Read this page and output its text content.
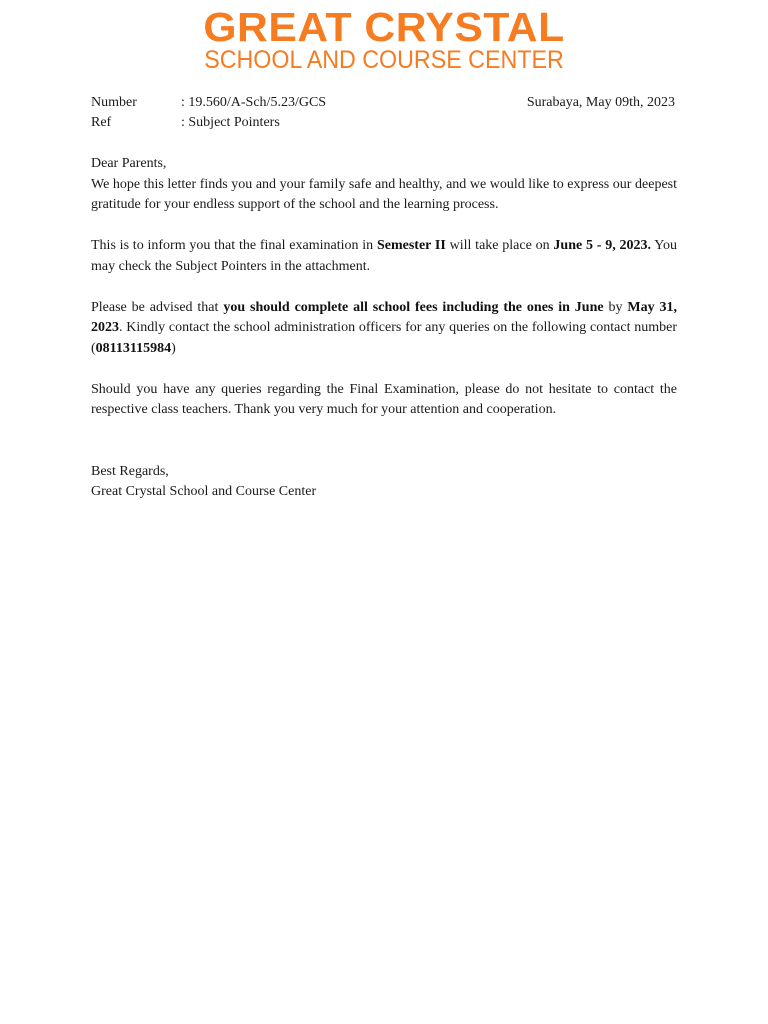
GREAT CRYSTAL
SCHOOL AND COURSE CENTER
Number	: 19.560/A-Sch/5.23/GCS	Surabaya, May 09th, 2023
Ref	: Subject Pointers

Dear Parents,

We hope this letter finds you and your family safe and healthy, and we would like to express our deepest gratitude for your endless support of the school and the learning process.

This is to inform you that the final examination in Semester II will take place on June 5 - 9, 2023. You may check the Subject Pointers in the attachment.

Please be advised that you should complete all school fees including the ones in June by May 31, 2023. Kindly contact the school administration officers for any queries on the following contact number (08113115984)

Should you have any queries regarding the Final Examination, please do not hesitate to contact the respective class teachers. Thank you very much for your attention and cooperation.

Best Regards,
Great Crystal School and Course Center
